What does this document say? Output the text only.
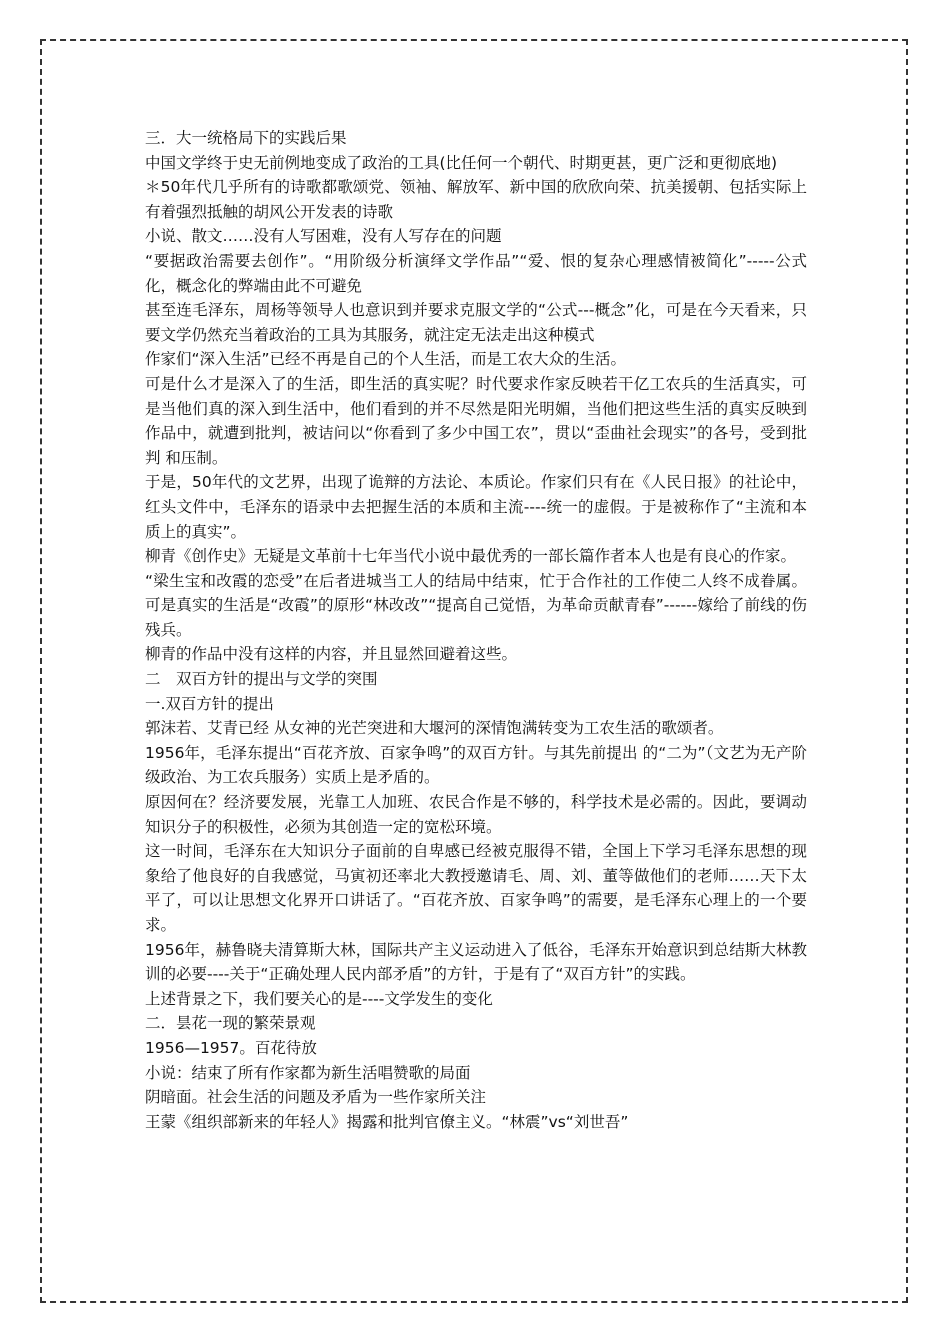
三．大一统格局下的实践后果

中国文学终于史无前例地变成了政治的工具(比任何一个朝代、时期更甚，更广泛和更彻底地)

＊50年代几乎所有的诗歌都歌颂党、领袖、解放军、新中国的欣欣向荣、抗美援朝、包括实际上有着强烈抵触的胡风公开发表的诗歌

小说、散文……没有人写困难，没有人写存在的问题

“要据政治需要去创作”。“用阶级分析演绎文学作品”“爱、恨的复杂心理感情被简化”-----公式化，概念化的弊端由此不可避免

甚至连毛泽东，周杨等领导人也意识到并要求克服文学的“公式---概念”化，可是在今天看来，只要文学仍然充当着政治的工具为其服务，就注定无法走出这种模式

作家们“深入生活”已经不再是自己的个人生活，而是工农大众的生活。

可是什么才是深入了的生活，即生活的真实呢？时代要求作家反映若干亿工农兵的生活真实，可是当他们真的深入到生活中，他们看到的并不尽然是阳光明媚，当他们把这些生活的真实反映到作品中，就遭到批判，被诘问以“你看到了多少中国工农”，贯以“歪曲社会现实”的各号，受到批判 和压制。

于是，50年代的文艺界，出现了诡辩的方法论、本质论。作家们只有在《人民日报》的社论中，红头文件中，毛泽东的语录中去把握生活的本质和主流----统一的虚假。于是被称作了“主流和本质上的真实”。

柳青《创作史》无疑是文革前十七年当代小说中最优秀的一部长篇作者本人也是有良心的作家。

“梁生宝和改霞的恋受”在后者进城当工人的结局中结束，忙于合作社的工作使二人终不成眷属。可是真实的生活是“改霞”的原形“林改改”“提高自己觉悟，为革命贡献青春”------嫁给了前线的伤残兵。

柳青的作品中没有这样的内容，并且显然回避着这些。

二　双百方针的提出与文学的突围

一.双百方针的提出

郭沫若、艾青已经 从女神的光芒突进和大堰河的深情饱满转变为工农生活的歌颂者。

1956年，毛泽东提出“百花齐放、百家争鸣”的双百方针。与其先前提出 的“二为”（文艺为无产阶级政治、为工农兵服务）实质上是矛盾的。

原因何在？经济要发展，光靠工人加班、农民合作是不够的，科学技术是必需的。因此，要调动知识分子的积极性，必须为其创造一定的宽松环境。

这一时间，毛泽东在大知识分子面前的自卑感已经被克服得不错，全国上下学习毛泽东思想的现象给了他良好的自我感觉，马寅初还率北大教授邀请毛、周、刘、董等做他们的老师……天下太平了，可以让思想文化界开口讲话了。“百花齐放、百家争鸣”的需要，是毛泽东心理上的一个要求。

1956年，赫鲁晓夫清算斯大林，国际共产主义运动进入了低谷，毛泽东开始意识到总结斯大林教训的必要----关于“正确处理人民内部矛盾”的方针，于是有了“双百方针”的实践。

上述背景之下，我们要关心的是----文学发生的变化

二．昙花一现的繁荣景观

1956—1957。百花待放

小说：结束了所有作家都为新生活唱赞歌的局面

阴暗面。社会生活的问题及矛盾为一些作家所关注

王蒙《组织部新来的年轻人》揭露和批判官僚主义。“林震”vs“刘世吾”
